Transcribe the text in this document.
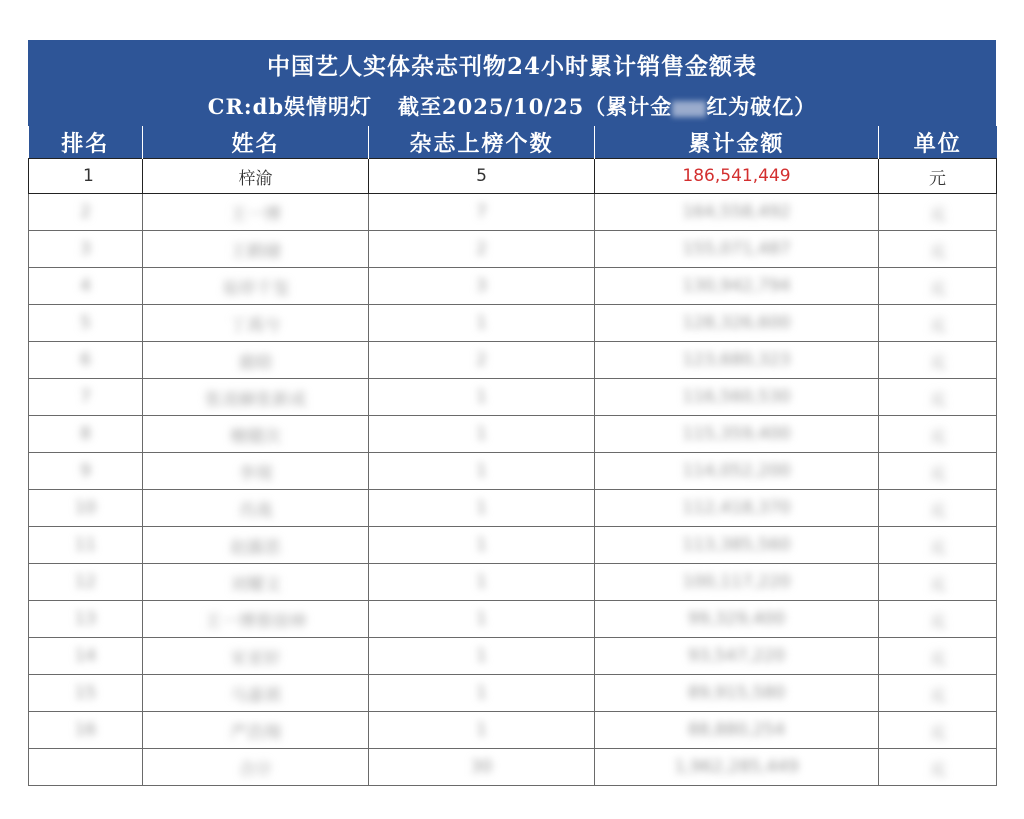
中国艺人实体杂志刊物24小时累计销售金额表
CR:db娱情明灯 截至2025/10/25（累计金 红为破亿）
排名	姓名	杂志上榜个数	累计金额	单位
1	梓渝	5	186,541,449	元
2	王一博	7	164,558,492	元
3	王鹤棣	2	155,071,487	元
4	易烊千玺	3	130,942,794	元
5	丁禹兮	1	128,326,600	元
6	鹿晗	2	123,680,323	元
7	张凌赫张新成	1	116,560,530	元
8	檀健次	1	115,359,400	元
9	李现	1	114,052,200	元
10	肖战	1	112,418,370	元
11	赵露思	1	113,385,560	元
12	刘耀文	1	100,117,220	元
13	王一博蔡徐坤	1	99,329,400	元
14	宋亚轩	1	93,547,220	元
15	马嘉祺	1	89,915,580	元
16	严浩翔	1	88,880,254	元
	合计	30	1,962,285,449	元
